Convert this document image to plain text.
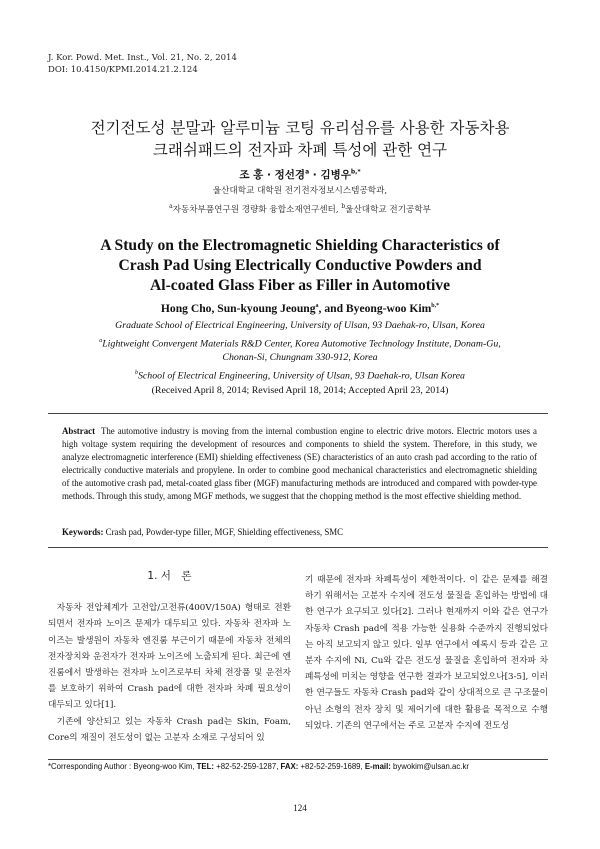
J. Kor. Powd. Met. Inst., Vol. 21, No. 2, 2014
DOI: 10.4150/KPMI.2014.21.2.124
전기전도성 분말과 알루미늄 코팅 유리섬유를 사용한 자동차용
크래쉬패드의 전자파 차폐 특성에 관한 연구
조 홍 · 정선경$^a$ · 김병우$^{b,*}$
울산대학교 대학원 전기전자정보시스템공학과,
$^a$자동차부품연구원 경량화 융합소재연구센터, $^b$울산대학교 전기공학부
A Study on the Electromagnetic Shielding Characteristics of
Crash Pad Using Electrically Conductive Powders and
Al-coated Glass Fiber as Filler in Automotive
Hong Cho, Sun-kyoung Jeoung$^a$, and Byeong-woo Kim$^{b,*}$
Graduate School of Electrical Engineering, University of Ulsan, 93 Daehak-ro, Ulsan, Korea
$^a$Lightweight Convergent Materials R&D Center, Korea Automotive Technology Institute, Donam-Gu,
Chonan-Si, Chungnam 330-912, Korea
$^b$School of Electrical Engineering, University of Ulsan, 93 Daehak-ro, Ulsan Korea
(Received April 8, 2014; Revised April 18, 2014; Accepted April 23, 2014)
Abstract The automotive industry is moving from the internal combustion engine to electric drive motors. Electric motors uses a high voltage system requiring the development of resources and components to shield the system. Therefore, in this study, we analyze electromagnetic interference (EMI) shielding effectiveness (SE) characteristics of an auto crash pad according to the ratio of electrically conductive materials and propylene. In order to combine good mechanical characteristics and electromagnetic shielding of the automotive crash pad, metal-coated glass fiber (MGF) manufacturing methods are introduced and compared with powder-type methods. Through this study, among MGF methods, we suggest that the chopping method is the most effective shielding method.
Keywords: Crash pad, Powder-type filler, MGF, Shielding effectiveness, SMC
1. 서　론

자동차 전압체계가 고전압/고전류(400V/150A) 형태로 전환되면서 전자파 노이즈 문제가 대두되고 있다. 자동차 전자파 노이즈는 발생원이 자동차 엔진룸 부근이기 때문에 자동차 전체의 전자장치와 운전자가 전자파 노이즈에 노출되게 된다. 최근에 엔진룸에서 발생하는 전자파 노이즈로부터 차체 전장품 및 운전자를 보호하기 위하여 Crash pad에 대한 전자파 차폐 필요성이 대두되고 있다[1].

기존에 양산되고 있는 자동차 Crash pad는 Skin, Foam, Core의 재질이 전도성이 없는 고분자 소재로 구성되어 있

기 때문에 전자파 차폐특성이 제한적이다. 이 같은 문제를 해결하기 위해서는 고분자 수지에 전도성 물질을 혼입하는 방법에 대한 연구가 요구되고 있다[2]. 그러나 현재까지 이와 같은 연구가 자동차 Crash pad에 적용 가능한 실용화 수준까지 진행되었다는 아직 보고되지 않고 있다. 일부 연구에서 예록시 등과 같은 고분자 수지에 Ni, Cu와 같은 전도성 물질을 혼입하여 전자파 차폐특성에 미치는 영향을 연구한 결과가 보고되었으나[3-5], 이러한 연구들도 자동차 Crash pad와 같이 상대적으로 큰 구조물이 아닌 소형의 전자 장치 및 제어기에 대한 활용을 목적으로 수행되었다. 기존의 연구에서는 주로 고분자 수지에 전도성

*Corresponding Author : Byeong-woo Kim, TEL: +82-52-259-1287, FAX: +82-52-259-1689, E-mail: bywokim@ulsan.ac.kr
124
